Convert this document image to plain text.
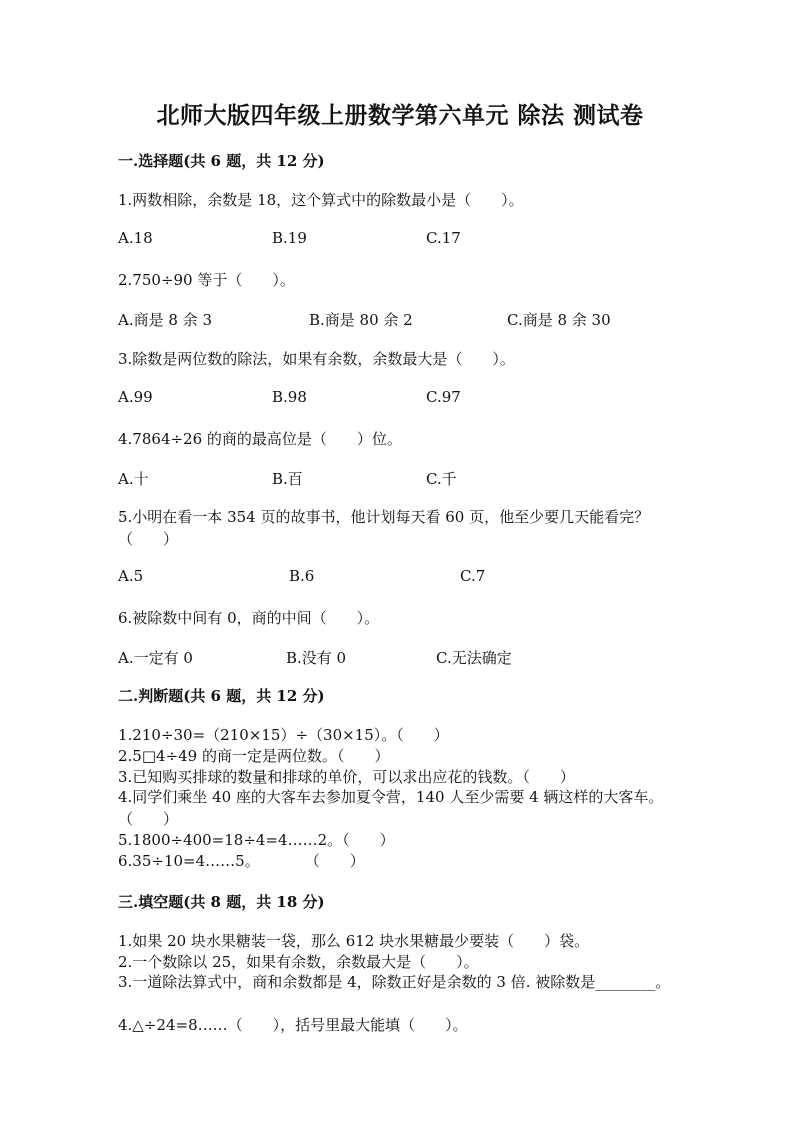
北师大版四年级上册数学第六单元 除法 测试卷
一.选择题(共 6 题，共 12 分)
1.两数相除，余数是 18，这个算式中的除数最小是（　　）。
A.18	B.19	C.17
2.750÷90 等于（　　）。
A.商是 8 余 3	B.商是 80 余 2	C.商是 8 余 30
3.除数是两位数的除法，如果有余数，余数最大是（　　）。
A.99	B.98	C.97
4.7864÷26 的商的最高位是（　　）位。
A.十	B.百	C.千
5.小明在看一本 354 页的故事书，他计划每天看 60 页，他至少要几天能看完？（　　）
A.5	B.6	C.7
6.被除数中间有 0，商的中间（　　）。
A.一定有 0	B.没有 0	C.无法确定
二.判断题(共 6 题，共 12 分)
1.210÷30=（210×15）÷（30×15）。（　　）
2.5□4÷49 的商一定是两位数。（　　）
3.已知购买排球的数量和排球的单价，可以求出应花的钱数。（　　）
4.同学们乘坐 40 座的大客车去参加夏令营，140 人至少需要 4 辆这样的大客车。（　　）
5.1800÷400=18÷4=4……2。（　　）
6.35÷10=4……5。　　　　（　　）
三.填空题(共 8 题，共 18 分)
1.如果 20 块水果糖装一袋，那么 612 块水果糖最少要装（　　）袋。
2.一个数除以 25，如果有余数，余数最大是（　　）。
3.一道除法算式中，商和余数都是 4，除数正好是余数的 3 倍. 被除数是________。
4.△÷24=8……（　　），括号里最大能填（　　）。
